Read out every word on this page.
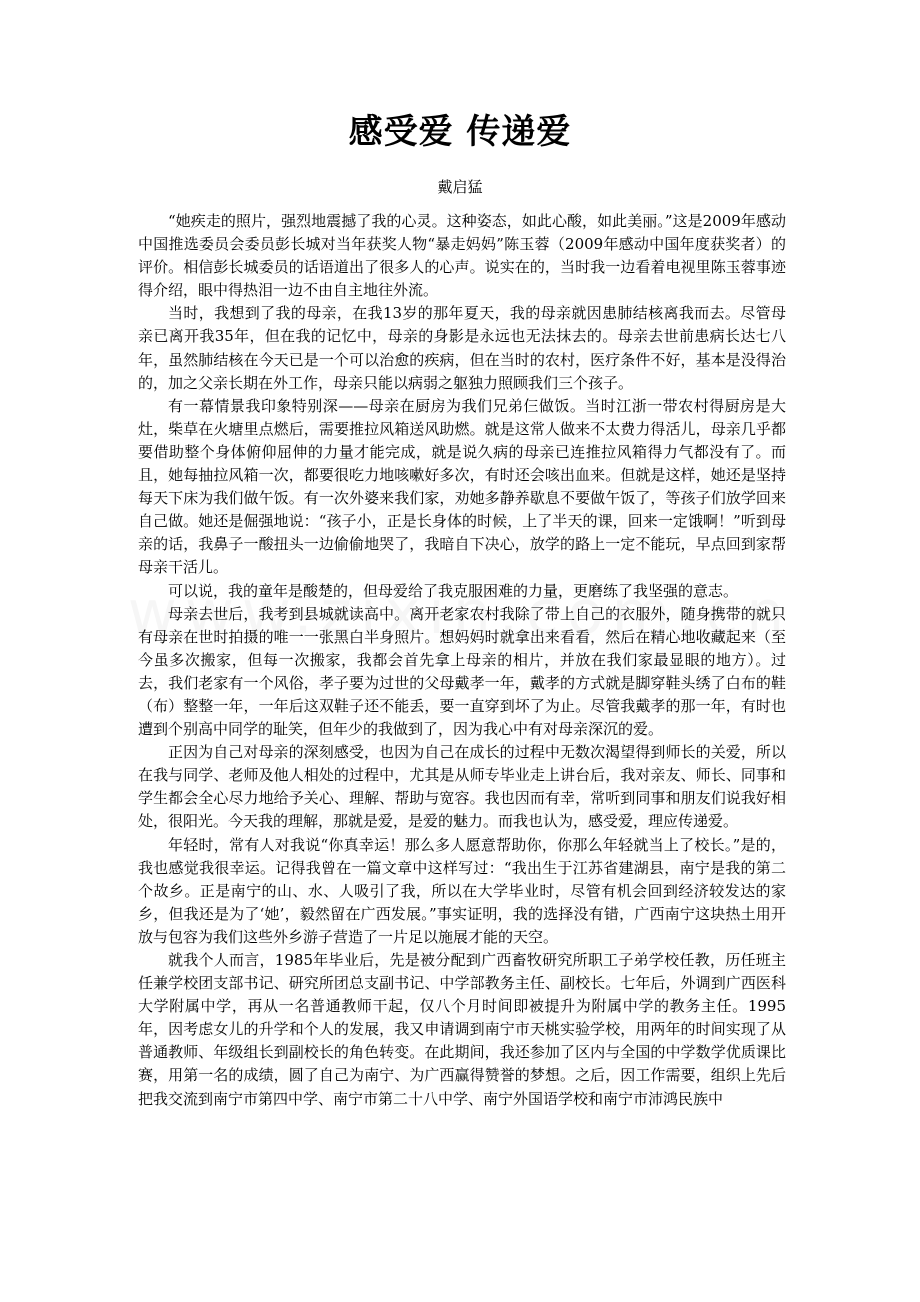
感受爱 传递爱

戴启猛

“她疾走的照片，强烈地震撼了我的心灵。这种姿态，如此心酸，如此美丽。”这是2009年感动中国推选委员会委员彭长城对当年获奖人物“暴走妈妈”陈玉蓉（2009年感动中国年度获奖者）的评价。相信彭长城委员的话语道出了很多人的心声。说实在的，当时我一边看着电视里陈玉蓉事迹得介绍，眼中得热泪一边不由自主地往外流。

当时，我想到了我的母亲，在我13岁的那年夏天，我的母亲就因患肺结核离我而去。尽管母亲已离开我35年，但在我的记忆中，母亲的身影是永远也无法抹去的。母亲去世前患病长达七八年，虽然肺结核在今天已是一个可以治愈的疾病，但在当时的农村，医疗条件不好，基本是没得治的，加之父亲长期在外工作，母亲只能以病弱之躯独力照顾我们三个孩子。

有一幕情景我印象特别深——母亲在厨房为我们兄弟仨做饭。当时江浙一带农村得厨房是大灶，柴草在火塘里点燃后，需要推拉风箱送风助燃。就是这常人做来不太费力得活儿，母亲几乎都要借助整个身体俯仰屈伸的力量才能完成，就是说久病的母亲已连推拉风箱得力气都没有了。而且，她每抽拉风箱一次，都要很吃力地咳嗽好多次，有时还会咳出血来。但就是这样，她还是坚持每天下床为我们做午饭。有一次外婆来我们家，劝她多静养歇息不要做午饭了，等孩子们放学回来自己做。她还是倔强地说：“孩子小，正是长身体的时候，上了半天的课，回来一定饿啊！”听到母亲的话，我鼻子一酸扭头一边偷偷地哭了，我暗自下决心，放学的路上一定不能玩，早点回到家帮母亲干活儿。

可以说，我的童年是酸楚的，但母爱给了我克服困难的力量，更磨练了我坚强的意志。

母亲去世后，我考到县城就读高中。离开老家农村我除了带上自己的衣服外，随身携带的就只有母亲在世时拍摄的唯一一张黑白半身照片。想妈妈时就拿出来看看，然后在精心地收藏起来（至今虽多次搬家，但每一次搬家，我都会首先拿上母亲的相片，并放在我们家最显眼的地方）。过去，我们老家有一个风俗，孝子要为过世的父母戴孝一年，戴孝的方式就是脚穿鞋头绣了白布的鞋（布）整整一年，一年后这双鞋子还不能丢，要一直穿到坏了为止。尽管我戴孝的那一年，有时也遭到个别高中同学的耻笑，但年少的我做到了，因为我心中有对母亲深沉的爱。

正因为自己对母亲的深刻感受，也因为自己在成长的过程中无数次渴望得到师长的关爱，所以在我与同学、老师及他人相处的过程中，尤其是从师专毕业走上讲台后，我对亲友、师长、同事和学生都会全心尽力地给予关心、理解、帮助与宽容。我也因而有幸，常听到同事和朋友们说我好相处，很阳光。今天我的理解，那就是爱，是爱的魅力。而我也认为，感受爱，理应传递爱。

年轻时，常有人对我说“你真幸运！那么多人愿意帮助你，你那么年轻就当上了校长。”是的，我也感觉我很幸运。记得我曾在一篇文章中这样写过：“我出生于江苏省建湖县，南宁是我的第二个故乡。正是南宁的山、水、人吸引了我，所以在大学毕业时，尽管有机会回到经济较发达的家乡，但我还是为了‘她’，毅然留在广西发展。”事实证明，我的选择没有错，广西南宁这块热土用开放与包容为我们这些外乡游子营造了一片足以施展才能的天空。

就我个人而言，1985年毕业后，先是被分配到广西畜牧研究所职工子弟学校任教，历任班主任兼学校团支部书记、研究所团总支副书记、中学部教务主任、副校长。七年后，外调到广西医科大学附属中学，再从一名普通教师干起，仅八个月时间即被提升为附属中学的教务主任。1995年，因考虑女儿的升学和个人的发展，我又申请调到南宁市天桃实验学校，用两年的时间实现了从普通教师、年级组长到副校长的角色转变。在此期间，我还参加了区内与全国的中学数学优质课比赛，用第一名的成绩，圆了自己为南宁、为广西赢得赞誉的梦想。之后，因工作需要，组织上先后把我交流到南宁市第四中学、南宁市第二十八中学、南宁外国语学校和南宁市沛鸿民族中
